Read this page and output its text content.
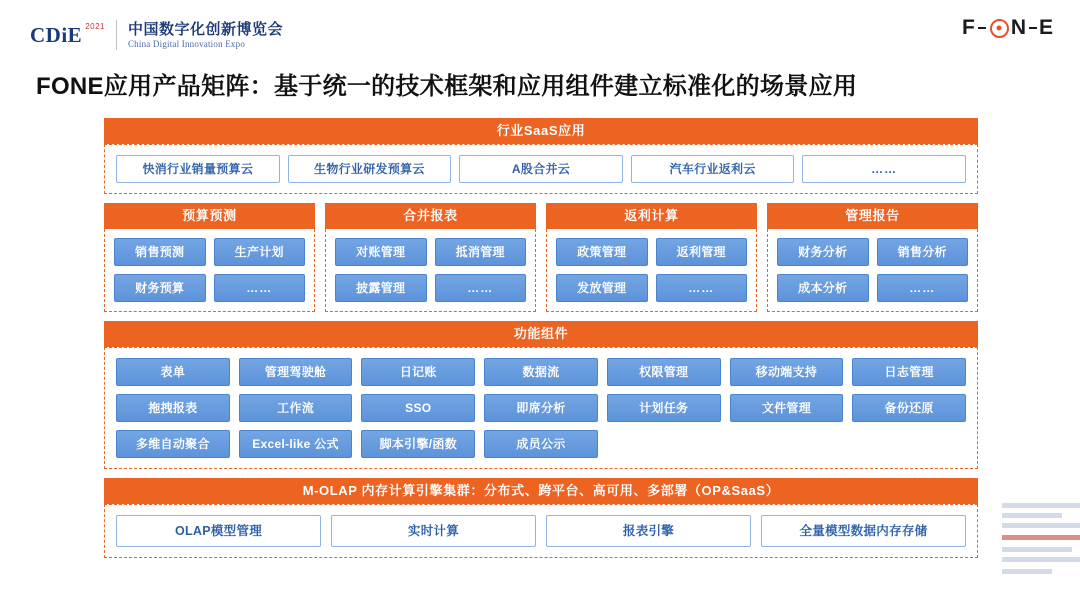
CDiE 2021 中国数字化创新博览会
China Digital Innovation Expo
F N E
FONE应用产品矩阵：基于统一的技术框架和应用组件建立标准化的场景应用
行业SaaS应用
快消行业销量预算云	生物行业研发预算云	A股合并云	汽车行业返利云	……
预算预测
销售预测	生产计划
财务预算	……
合并报表
对账管理	抵消管理
披露管理	……
返利计算
政策管理	返利管理
发放管理	……
管理报告
财务分析	销售分析
成本分析	……
功能组件
表单	管理驾驶舱	日记账	数据流	权限管理	移动端支持	日志管理
拖拽报表	工作流	SSO	即席分析	计划任务	文件管理	备份还原
多维自动聚合	Excel-like 公式	脚本引擎/函数	成员公示
M-OLAP 内存计算引擎集群：分布式、跨平台、高可用、多部署（OP&SaaS）
OLAP模型管理	实时计算	报表引擎	全量模型数据内存存储
